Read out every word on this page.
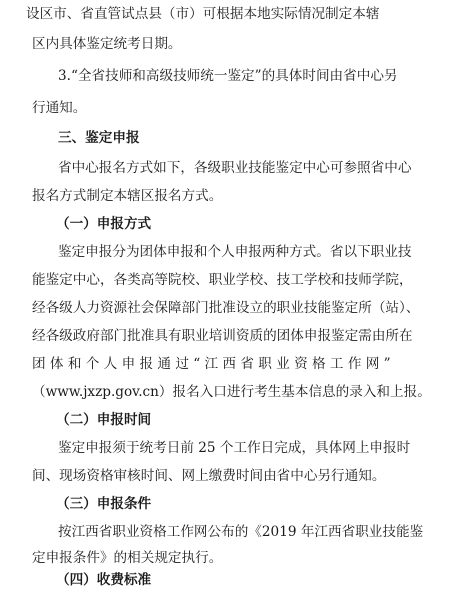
设区市、省直管试点县（市）可根据本地实际情况制定本辖
区内具体鉴定统考日期。
3.“全省技师和高级技师统一鉴定”的具体时间由省中心另
行通知。
三、鉴定申报
省中心报名方式如下，各级职业技能鉴定中心可参照省中心
报名方式制定本辖区报名方式。
（一）申报方式
鉴定申报分为团体申报和个人申报两种方式。省以下职业技
能鉴定中心，各类高等院校、职业学校、技工学校和技师学院，
经各级人力资源社会保障部门批准设立的职业技能鉴定所（站）、
经各级政府部门批准具有职业培训资质的团体申报鉴定需由所在
团 体 和 个 人 申 报 通 过 “ 江 西 省 职 业 资 格 工 作 网 ”
（www.jxzp.gov.cn）报名入口进行考生基本信息的录入和上报。
（二）申报时间
鉴定申报须于统考日前 25 个工作日完成，具体网上申报时
间、现场资格审核时间、网上缴费时间由省中心另行通知。
（三）申报条件
按江西省职业资格工作网公布的《2019 年江西省职业技能鉴
定申报条件》的相关规定执行。
（四）收费标准
